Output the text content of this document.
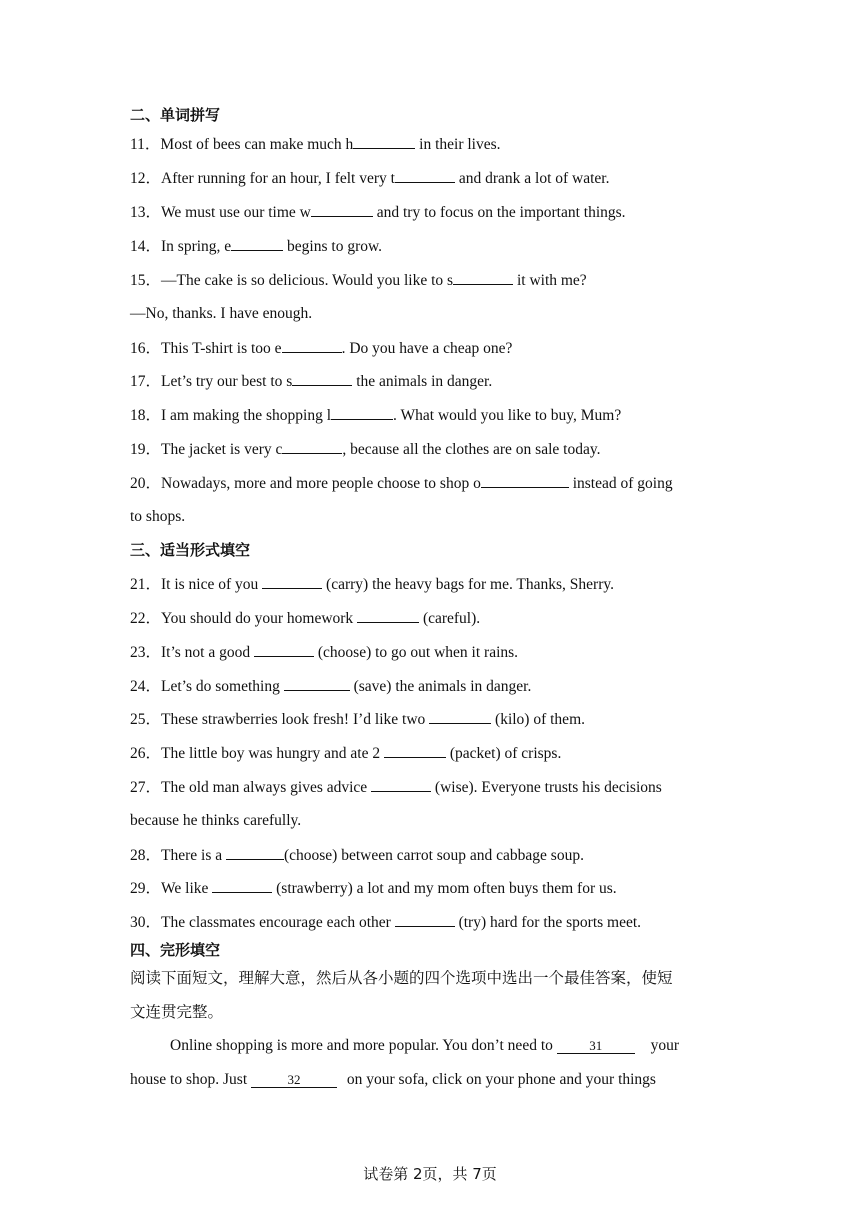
二、单词拼写
11．Most of bees can make much h	in their lives.
12．After running for an hour, I felt very t	and drank a lot of water.
13．We must use our time w	and try to focus on the important things.
14．In spring, e	begins to grow.
15．—The cake is so delicious. Would you like to s	it with me?
—No, thanks. I have enough.
16．This T-shirt is too e	. Do you have a cheap one?
17．Let’s try our best to s	the animals in danger.
18．I am making the shopping l	. What would you like to buy, Mum?
19．The jacket is very c	, because all the clothes are on sale today.
20．Nowadays, more and more people choose to shop o	instead of going
to shops.
三、适当形式填空
21．It is nice of you	(carry) the heavy bags for me. Thanks, Sherry.
22．You should do your homework	(careful).
23．It’s not a good	(choose) to go out when it rains.
24．Let’s do something	(save) the animals in danger.
25．These strawberries look fresh! I’d like two	(kilo) of them.
26．The little boy was hungry and ate 2	(packet) of crisps.
27．The old man always gives advice	(wise). Everyone trusts his decisions
because he thinks carefully.
28．There is a	(choose) between carrot soup and cabbage soup.
29．We like	(strawberry) a lot and my mom often buys them for us.
30．The classmates encourage each other	(try) hard for the sports meet.
四、完形填空
阅读下面短文，理解大意，然后从各小题的四个选项中选出一个最佳答案，使短
文连贯完整。
Online shopping is more and more popular. You don’t need to	31	your
house to shop. Just	32	on your sofa, click on your phone and your things
试卷第 2页，共 7页
